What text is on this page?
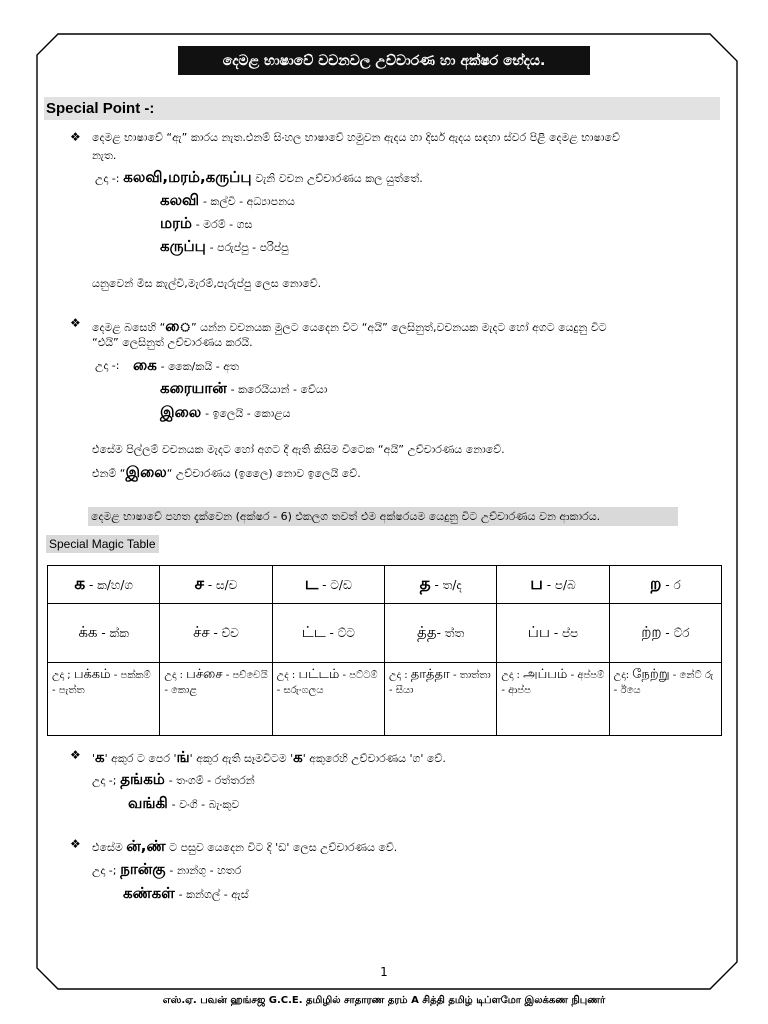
දෙමළ භාෂාවේ වචනවල උච්චාරණ හා අක්ෂර භේදය.
Special Point -:
❖ දෙමළ භාෂාවේ “ඇ” කාරය නැත.එනම් සිංහල භාෂාවේ හමුවන ඇදය හා දිර්ස ඇදය සඳහා ස්වර පිළි දෙමළ භාෂාවේ
නැත.
උදා -: கலவி,மரம்,கருப்பு වැනි වචන උච්චාරණය කල යුත්තේ.
கலவி - කල්වි - අධ්‍යාපනය
மரம் - මරම් - ගස
கருப்பு - පරුප්පු - පරිප්පු
යනුවෙන් මිස කැල්වි,මැරම්,පැරුප්පු ලෙස නොවේ.
❖ දෙමළ බසෙහි “ை” යන්න වචනයක මුලට යෙදෙන විට “අයි” ලෙසිනුත්,වචනයක මැදට හෝ අගට යෙදුනු විට
“එයි” ලෙසිනුත් උච්චාරණය කරයි.
උදා -: கை - කෛ/කයි - අත
கரையான் - කරෙයියාන් - වේයා
இலை - ඉලෙයි - කොළය
එසේම පිල්ලම් වචනයක මැදට හෝ අගට දී ඇති කිසිම විටෙක “අයි” උච්චාරණය නොවේ.
එනම් “இலை“ උච්චාරණය (ඉලෛ) නොව ඉලෙයි වේ.
දෙමළ භාෂාවේ පහත දැක්වෙන (අක්ෂර - 6) එකලග තවත් එම අක්ෂරයම යෙදුනු විට උච්චාරණය වන ආකාරය.
Special Magic Table
க - ක/හ/ග	ச - ස/ච	ட - ට/ඩ	த - ත/ද	ப - ප/බ	ற - ර
க்க - ක්ක	ச்ச - ච්ච	ட்ட - ට්ට	த்த- ත්ත	ப்ப - ප්ප	ற்ற - ට්ර
උදා ; பக்கம் - පක්කම් - පැත්ත	උදා : பச்சை - පච්චෙයි - කොළ	උද : பட்டம் - පට්ටම් - සරුංගලය	උදා : தாத்தா - තාත්තා - සීයා	උදා : அப்பம் - අප්පම් - ආප්ප	උදා: நேற்று - නේට් රු - ඊයෙ
❖ 'க' අකුර ට පෙර 'ங்' අකුර ඇති සෑමවිටම 'க' අකුරෙහි උච්චාරණය 'ග' වේ.
උදා -; தங்கம் - තංගම් - රත්තරන්
வங்கி - වංගි - බැංකුව
❖ එසේම ன்,ண் ට පසුව යෙදෙන විට දි 'ඩ' ලෙස උච්චාරණය වේ.
උදා -; நான்கு - නාන්ගු - හතර
கண்கள் - කන්ගල් - ඇස්
1
எஸ்.ஏ. பவன் ஹங்சஜ G.C.E. தமிழில் சாதாரண தரம் A சித்தி தமிழ் டிப்ளமோ இலக்கண நிபுணர்
